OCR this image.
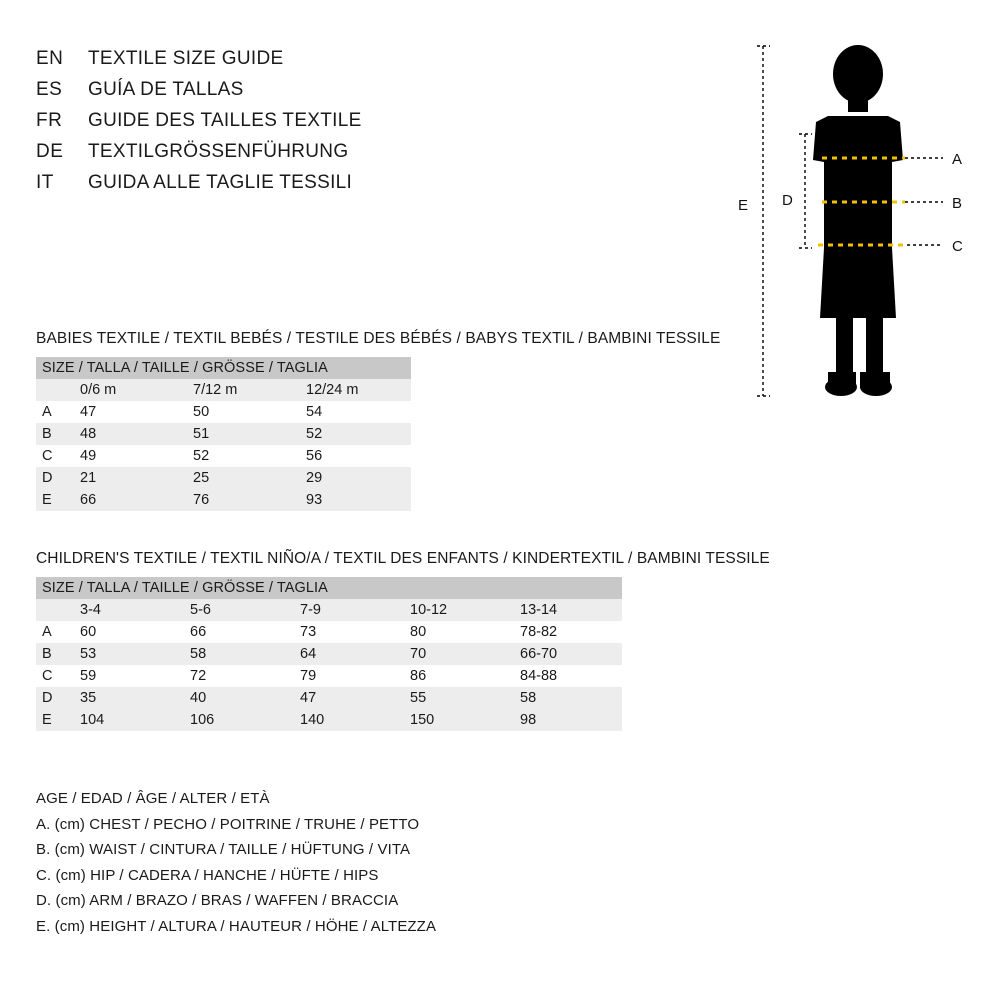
EN	TEXTILE SIZE GUIDE
ES	GUÍA DE TALLAS
FR	GUIDE DES TAILLES TEXTILE
DE	TEXTILGRÖSSENFÜHRUNG
IT	GUIDA ALLE TAGLIE TESSILI
A
B
C
D
E
BABIES TEXTILE / TEXTIL BEBÉS / TESTILE DES BÉBÉS / BABYS TEXTIL / BAMBINI TESSILE
SIZE / TALLA / TAILLE / GRÖSSE / TAGLIA			

	0/6 m	7/12 m	12/24 m

A	47	50	54

B	48	51	52

C	49	52	56

D	21	25	29

E	66	76	93
CHILDREN'S TEXTILE / TEXTIL NIÑO/A / TEXTIL DES ENFANTS / KINDERTEXTIL / BAMBINI TESSILE
SIZE / TALLA / TAILLE / GRÖSSE / TAGLIA					

	3-4	5-6	7-9	10-12	13-14

A	60	66	73	80	78-82

B	53	58	64	70	66-70

C	59	72	79	86	84-88

D	35	40	47	55	58

E	104	106	140	150	98
AGE / EDAD / ÂGE / ALTER / ETÀ
A. (cm) CHEST / PECHO / POITRINE / TRUHE / PETTO
B. (cm) WAIST / CINTURA / TAILLE / HÜFTUNG / VITA
C. (cm) HIP / CADERA / HANCHE / HÜFTE / HIPS
D. (cm) ARM / BRAZO / BRAS / WAFFEN / BRACCIA
E. (cm) HEIGHT / ALTURA / HAUTEUR / HÖHE / ALTEZZA
